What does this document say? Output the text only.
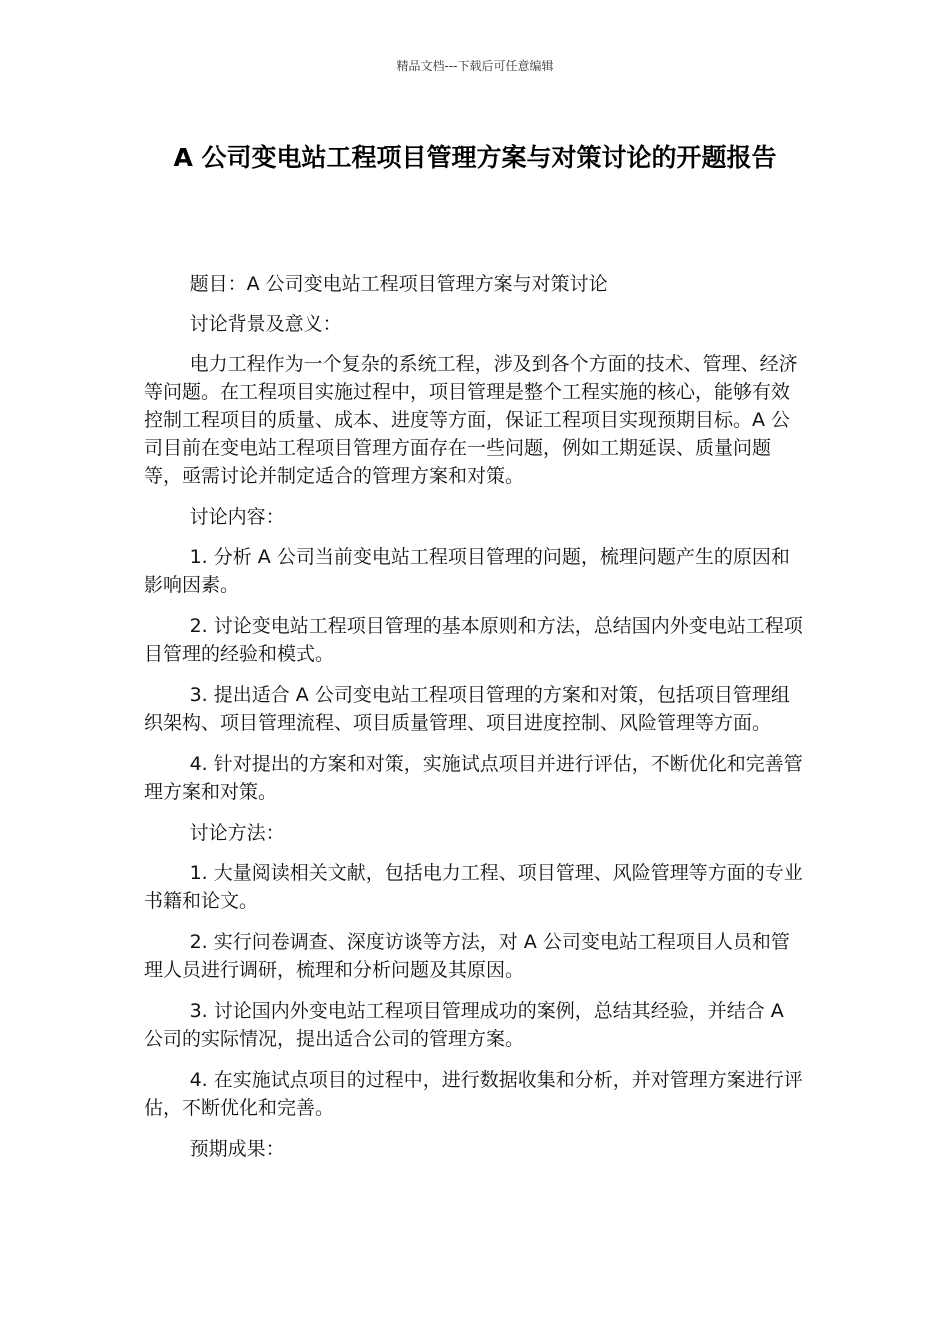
精品文档---下载后可任意编辑
A 公司变电站工程项目管理方案与对策讨论的开题报告

题目：A 公司变电站工程项目管理方案与对策讨论

讨论背景及意义：

电力工程作为一个复杂的系统工程，涉及到各个方面的技术、管理、经济等问题。在工程项目实施过程中，项目管理是整个工程实施的核心，能够有效控制工程项目的质量、成本、进度等方面，保证工程项目实现预期目标。A 公司目前在变电站工程项目管理方面存在一些问题，例如工期延误、质量问题等，亟需讨论并制定适合的管理方案和对策。

讨论内容：

1. 分析 A 公司当前变电站工程项目管理的问题，梳理问题产生的原因和影响因素。

2. 讨论变电站工程项目管理的基本原则和方法，总结国内外变电站工程项目管理的经验和模式。

3. 提出适合 A 公司变电站工程项目管理的方案和对策，包括项目管理组织架构、项目管理流程、项目质量管理、项目进度控制、风险管理等方面。

4. 针对提出的方案和对策，实施试点项目并进行评估，不断优化和完善管理方案和对策。

讨论方法：

1. 大量阅读相关文献，包括电力工程、项目管理、风险管理等方面的专业书籍和论文。

2. 实行问卷调查、深度访谈等方法，对 A 公司变电站工程项目人员和管理人员进行调研，梳理和分析问题及其原因。

3. 讨论国内外变电站工程项目管理成功的案例，总结其经验，并结合 A 公司的实际情况，提出适合公司的管理方案。

4. 在实施试点项目的过程中，进行数据收集和分析，并对管理方案进行评估，不断优化和完善。

预期成果：
